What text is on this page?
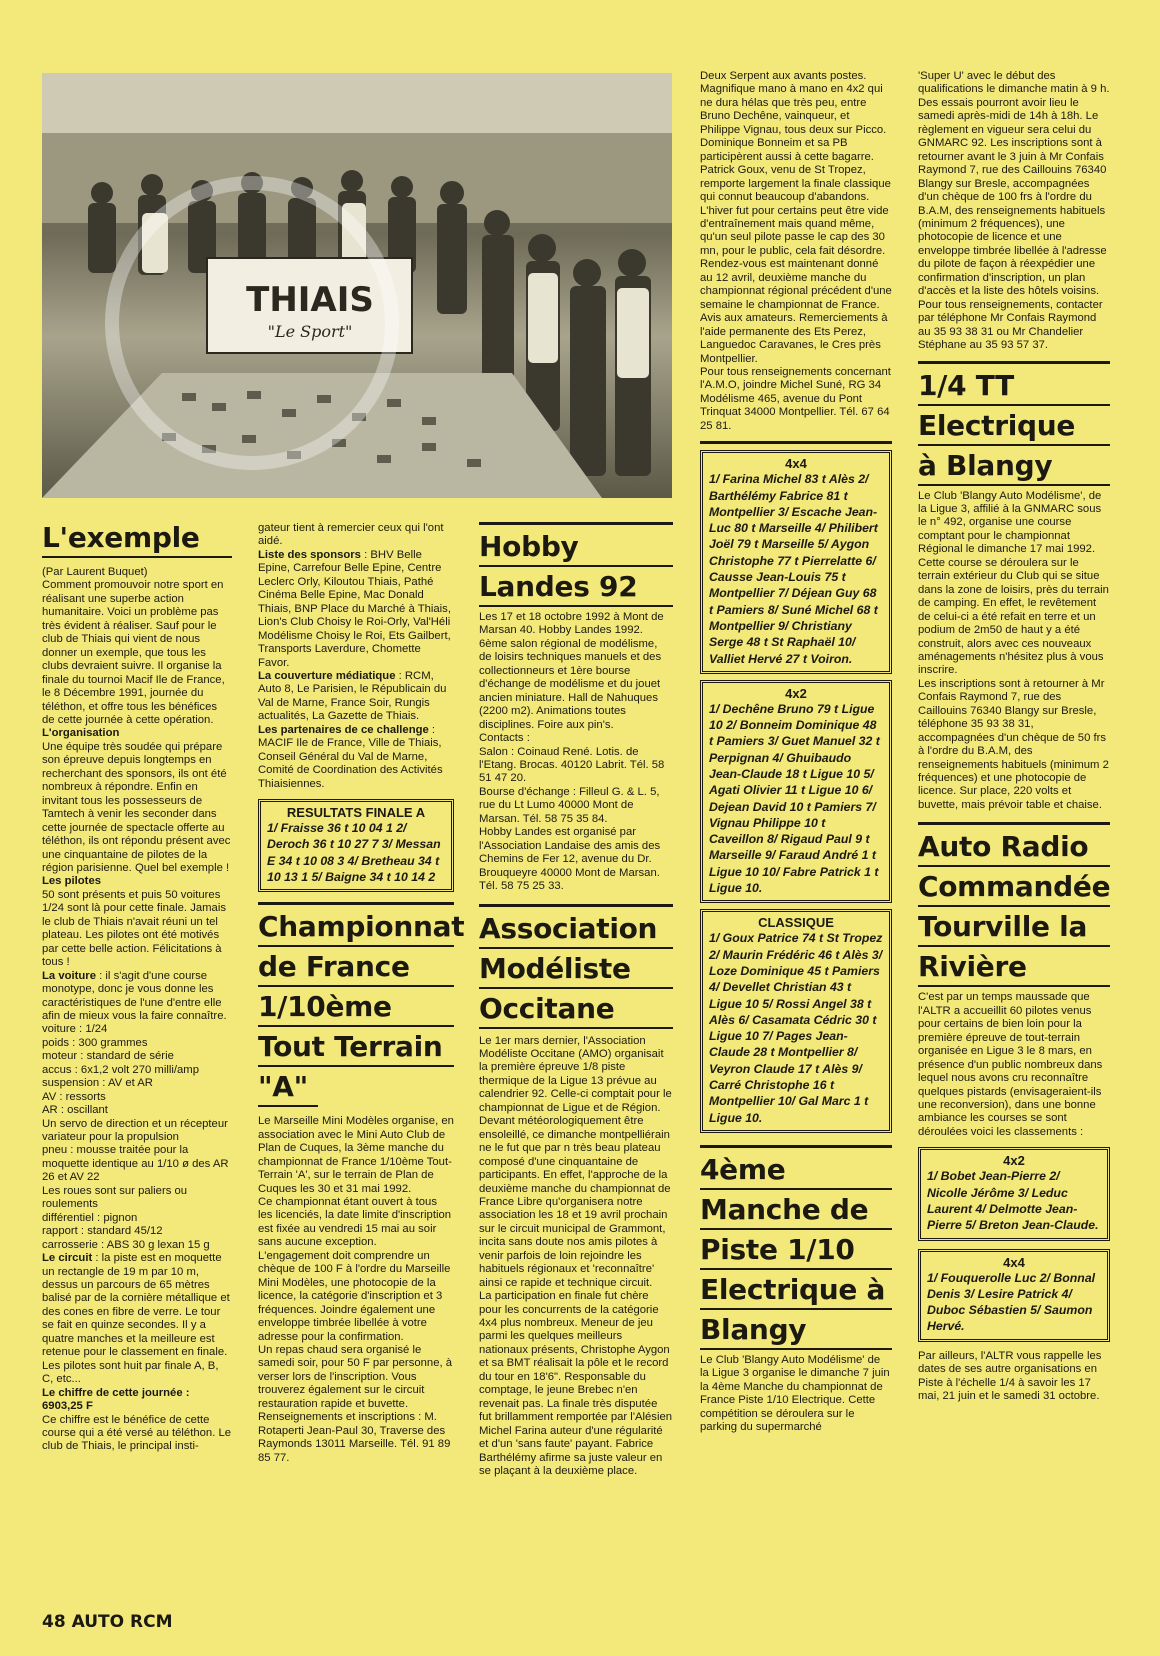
THIAIS
"Le Sport"
L'exemple

(Par Laurent Buquet)
Comment promouvoir notre sport en réalisant une superbe action humanitaire. Voici un problème pas très évident à réaliser. Sauf pour le club de Thiais qui vient de nous donner un exemple, que tous les clubs devraient suivre. Il organise la finale du tournoi Macif Ile de France, le 8 Décembre 1991, journée du téléthon, et offre tous les bénéfices de cette journée à cette opération.

L'organisation

Une équipe très soudée qui prépare son épreuve depuis longtemps en recherchant des sponsors, ils ont été nombreux à répondre. Enfin en invitant tous les possesseurs de Tamtech à venir les seconder dans cette journée de spectacle offerte au téléthon, ils ont répondu présent avec une cinquantaine de pilotes de la région parisienne. Quel bel exemple !

Les pilotes

50 sont présents et puis 50 voitures 1/24 sont là pour cette finale. Jamais le club de Thiais n'avait réuni un tel plateau. Les pilotes ont été motivés par cette belle action. Félicitations à tous !

La voiture : il s'agit d'une course monotype, donc je vous donne les caractéristiques de l'une d'entre elle afin de mieux vous la faire connaître.
voiture : 1/24
poids : 300 grammes
moteur : standard de série
accus : 6x1,2 volt 270 milli/amp
suspension : AV et AR
AV : ressorts
AR : oscillant
Un servo de direction et un récepteur variateur pour la propulsion
pneu : mousse traitée pour la moquette identique au 1/10 ø des AR 26 et AV 22
Les roues sont sur paliers ou roulements
différentiel : pignon
rapport : standard 45/12
carrosserie : ABS 30 g lexan 15 g

Le circuit : la piste est en moquette un rectangle de 19 m par 10 m, dessus un parcours de 65 mètres balisé par de la cornière métallique et des cones en fibre de verre. Le tour se fait en quinze secondes. Il y a quatre manches et la meilleure est retenue pour le classement en finale. Les pilotes sont huit par finale A, B, C, etc...

Le chiffre de cette journée : 6903,25 F

Ce chiffre est le bénéfice de cette course qui a été versé au téléthon. Le club de Thiais, le principal insti-

gateur tient à remercier ceux qui l'ont aidé.

Liste des sponsors : BHV Belle Epine, Carrefour Belle Epine, Centre Leclerc Orly, Kiloutou Thiais, Pathé Cinéma Belle Epine, Mac Donald Thiais, BNP Place du Marché à Thiais, Lion's Club Choisy le Roi-Orly, Val'Héli Modélisme Choisy le Roi, Ets Gailbert, Transports Laverdure, Chomette Favor.

La couverture médiatique : RCM, Auto 8, Le Parisien, le Républicain du Val de Marne, France Soir, Rungis actualités, La Gazette de Thiais.

Les partenaires de ce challenge : MACIF Ile de France, Ville de Thiais, Conseil Général du Val de Marne, Comité de Coordination des Activités Thiaisiennes.

RESULTATS FINALE A
1/ Fraisse 36 t 10 04 1 2/ Deroch 36 t 10 27 7 3/ Messan E 34 t 10 08 3 4/ Bretheau 34 t 10 13 1 5/ Baigne 34 t 10 14 2
Championnat
de France
1/10ème
Tout Terrain
"A"

Le Marseille Mini Modèles organise, en association avec le Mini Auto Club de Plan de Cuques, la 3ème manche du championnat de France 1/10ème Tout-Terrain 'A', sur le terrain de Plan de Cuques les 30 et 31 mai 1992.
Ce championnat étant ouvert à tous les licenciés, la date limite d'inscription est fixée au vendredi 15 mai au soir sans aucune exception.
L'engagement doit comprendre un chèque de 100 F à l'ordre du Marseille Mini Modèles, une photocopie de la licence, la catégorie d'inscription et 3 fréquences. Joindre également une enveloppe timbrée libellée à votre adresse pour la confirmation.
Un repas chaud sera organisé le samedi soir, pour 50 F par personne, à verser lors de l'inscription. Vous trouverez également sur le circuit restauration rapide et buvette. Renseignements et inscriptions : M. Rotaperti Jean-Paul 30, Traverse des Raymonds 13011 Marseille. Tél. 91 89 85 77.

Hobby
Landes 92

Les 17 et 18 octobre 1992 à Mont de Marsan 40. Hobby Landes 1992. 6ème salon régional de modélisme, de loisirs techniques manuels et des collectionneurs et 1ère bourse d'échange de modélisme et du jouet ancien miniature. Hall de Nahuques (2200 m2). Animations toutes disciplines. Foire aux pin's.
Contacts :
Salon : Coinaud René. Lotis. de l'Etang. Brocas. 40120 Labrit. Tél. 58 51 47 20.
Bourse d'échange : Filleul G. & L. 5, rue du Lt Lumo 40000 Mont de Marsan. Tél. 58 75 35 84.
Hobby Landes est organisé par l'Association Landaise des amis des Chemins de Fer 12, avenue du Dr. Brouqueyre 40000 Mont de Marsan. Tél. 58 75 25 33.

Association
Modéliste
Occitane

Le 1er mars dernier, l'Association Modéliste Occitane (AMO) organisait la première épreuve 1/8 piste thermique de la Ligue 13 prévue au calendrier 92. Celle-ci comptait pour le championnat de Ligue et de Région.
Devant météorologiquement être ensoleillé, ce dimanche montpelliérain ne le fut que par n très beau plateau composé d'une cinquantaine de participants. En effet, l'approche de la deuxième manche du championnat de France Libre qu'organisera notre association les 18 et 19 avril prochain sur le circuit municipal de Grammont, incita sans doute nos amis pilotes à venir parfois de loin rejoindre les habituels régionaux et 'reconnaître' ainsi ce rapide et technique circuit.
La participation en finale fut chère pour les concurrents de la catégorie 4x4 plus nombreux. Meneur de jeu parmi les quelques meilleurs nationaux présents, Christophe Aygon et sa BMT réalisait la pôle et le record du tour en 18'6". Responsable du comptage, le jeune Brebec n'en revenait pas. La finale très disputée fut brillamment remportée par l'Alésien Michel Farina auteur d'une régularité et d'un 'sans faute' payant. Fabrice Barthélémy afirme sa juste valeur en se plaçant à la deuxième place.

Deux Serpent aux avants postes. Magnifique mano à mano en 4x2 qui ne dura hélas que très peu, entre Bruno Dechêne, vainqueur, et Philippe Vignau, tous deux sur Picco. Dominique Bonneim et sa PB participèrent aussi à cette bagarre. Patrick Goux, venu de St Tropez, remporte largement la finale classique qui connut beaucoup d'abandons. L'hiver fut pour certains peut être vide d'entraînement mais quand même, qu'un seul pilote passe le cap des 30 mn, pour le public, cela fait désordre.
Rendez-vous est maintenant donné au 12 avril, deuxième manche du championnat régional précédent d'une semaine le championnat de France. Avis aux amateurs. Remerciements à l'aide permanente des Ets Perez, Languedoc Caravanes, le Cres près Montpellier.
Pour tous renseignements concernant l'A.M.O, joindre Michel Suné, RG 34 Modélisme 465, avenue du Pont Trinquat 34000 Montpellier. Tél. 67 64 25 81.

4x4
1/ Farina Michel 83 t Alès 2/ Barthélémy Fabrice 81 t Montpellier 3/ Escache Jean-Luc 80 t Marseille 4/ Philibert Joël 79 t Marseille 5/ Aygon Christophe 77 t Pierrelatte 6/ Causse Jean-Louis 75 t Montpellier 7/ Déjean Guy 68 t Pamiers 8/ Suné Michel 68 t Montpellier 9/ Christiany Serge 48 t St Raphaël 10/ Valliet Hervé 27 t Voiron.
4x2
1/ Dechêne Bruno 79 t Ligue 10 2/ Bonneim Dominique 48 t Pamiers 3/ Guet Manuel 32 t Perpignan 4/ Ghuibaudo Jean-Claude 18 t Ligue 10 5/ Agati Olivier 11 t Ligue 10 6/ Dejean David 10 t Pamiers 7/ Vignau Philippe 10 t Caveillon 8/ Rigaud Paul 9 t Marseille 9/ Faraud André 1 t Ligue 10 10/ Fabre Patrick 1 t Ligue 10.
CLASSIQUE
1/ Goux Patrice 74 t St Tropez 2/ Maurin Frédéric 46 t Alès 3/ Loze Dominique 45 t Pamiers 4/ Devellet Christian 43 t Ligue 10 5/ Rossi Angel 38 t Alès 6/ Casamata Cédric 30 t Ligue 10 7/ Pages Jean-Claude 28 t Montpellier 8/ Veyron Claude 17 t Alès 9/ Carré Christophe 16 t Montpellier 10/ Gal Marc 1 t Ligue 10.
4ème
Manche de
Piste 1/10
Electrique à
Blangy

Le Club 'Blangy Auto Modélisme' de la Ligue 3 organise le dimanche 7 juin la 4ème Manche du championnat de France Piste 1/10 Electrique. Cette compétition se déroulera sur le parking du supermarché

'Super U' avec le début des qualifications le dimanche matin à 9 h. Des essais pourront avoir lieu le samedi après-midi de 14h à 18h. Le règlement en vigueur sera celui du GNMARC 92. Les inscriptions sont à retourner avant le 3 juin à Mr Confais Raymond 7, rue des Caillouins 76340 Blangy sur Bresle, accompagnées d'un chèque de 100 frs à l'ordre du B.A.M, des renseignements habituels (minimum 2 fréquences), une photocopie de licence et une enveloppe timbrée libellée à l'adresse du pilote de façon à réexpédier une confirmation d'inscription, un plan d'accès et la liste des hôtels voisins. Pour tous renseignements, contacter par téléphone Mr Confais Raymond au 35 93 38 31 ou Mr Chandelier Stéphane au 35 93 57 37.

1/4 TT
Electrique
à Blangy

Le Club 'Blangy Auto Modélisme', de la Ligue 3, affilié à la GNMARC sous le n° 492, organise une course comptant pour le championnat Régional le dimanche 17 mai 1992. Cette course se déroulera sur le terrain extérieur du Club qui se situe dans la zone de loisirs, près du terrain de camping. En effet, le revêtement de celui-ci a été refait en terre et un podium de 2m50 de haut y a été construit, alors avec ces nouveaux aménagements n'hésitez plus à vous inscrire.
Les inscriptions sont à retourner à Mr Confais Raymond 7, rue des Caillouins 76340 Blangy sur Bresle, téléphone 35 93 38 31, accompagnées d'un chèque de 50 frs à l'ordre du B.A.M, des renseignements habituels (minimum 2 fréquences) et une photocopie de licence. Sur place, 220 volts et buvette, mais prévoir table et chaise.

Auto Radio
Commandée
Tourville la
Rivière

C'est par un temps maussade que l'ALTR a accueillit 60 pilotes venus pour certains de bien loin pour la première épreuve de tout-terrain organisée en Ligue 3 le 8 mars, en présence d'un public nombreux dans lequel nous avons cru reconnaître quelques pistards (envisageraient-ils une reconversion), dans une bonne ambiance les courses se sont déroulées voici les classements :

4x2
1/ Bobet Jean-Pierre 2/ Nicolle Jérôme 3/ Leduc Laurent 4/ Delmotte Jean-Pierre 5/ Breton Jean-Claude.
4x4
1/ Fouquerolle Luc 2/ Bonnal Denis 3/ Lesire Patrick 4/ Duboc Sébastien 5/ Saumon Hervé.

Par ailleurs, l'ALTR vous rappelle les dates de ses autre organisations en Piste à l'échelle 1/4 à savoir les 17 mai, 21 juin et le samedi 31 octobre.

48 AUTO RCM
